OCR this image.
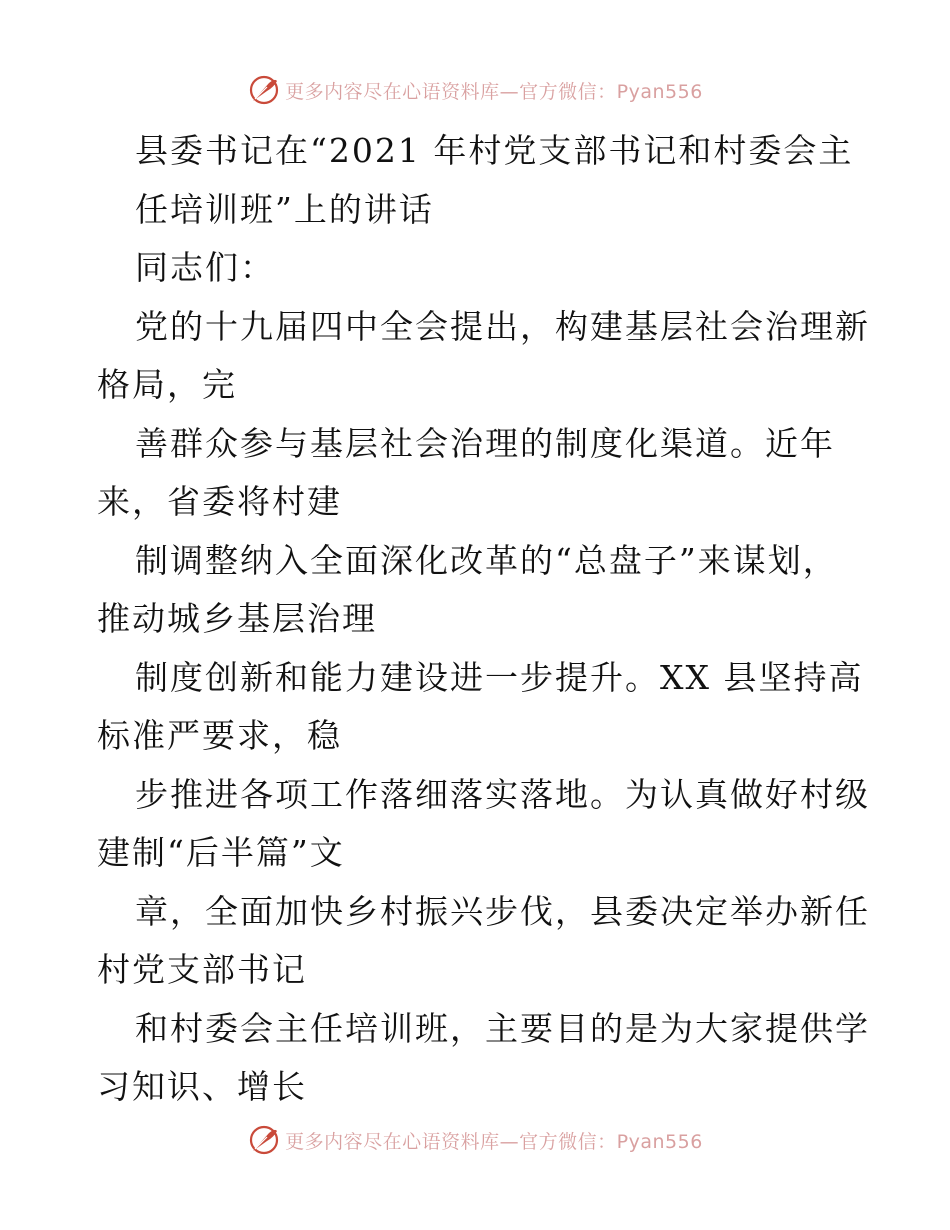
更多内容尽在心语资料库—官方微信：Pyan556
县委书记在“2021 年村党支部书记和村委会主
任培训班”上的讲话
同志们：
党的十九届四中全会提出，构建基层社会治理新
格局，完
善群众参与基层社会治理的制度化渠道。近年
来，省委将村建
制调整纳入全面深化改革的“总盘子”来谋划，
推动城乡基层治理
制度创新和能力建设进一步提升。XX 县坚持高
标准严要求，稳
步推进各项工作落细落实落地。为认真做好村级
建制“后半篇”文
章，全面加快乡村振兴步伐，县委决定举办新任
村党支部书记
和村委会主任培训班，主要目的是为大家提供学
习知识、增长
更多内容尽在心语资料库—官方微信：Pyan556
